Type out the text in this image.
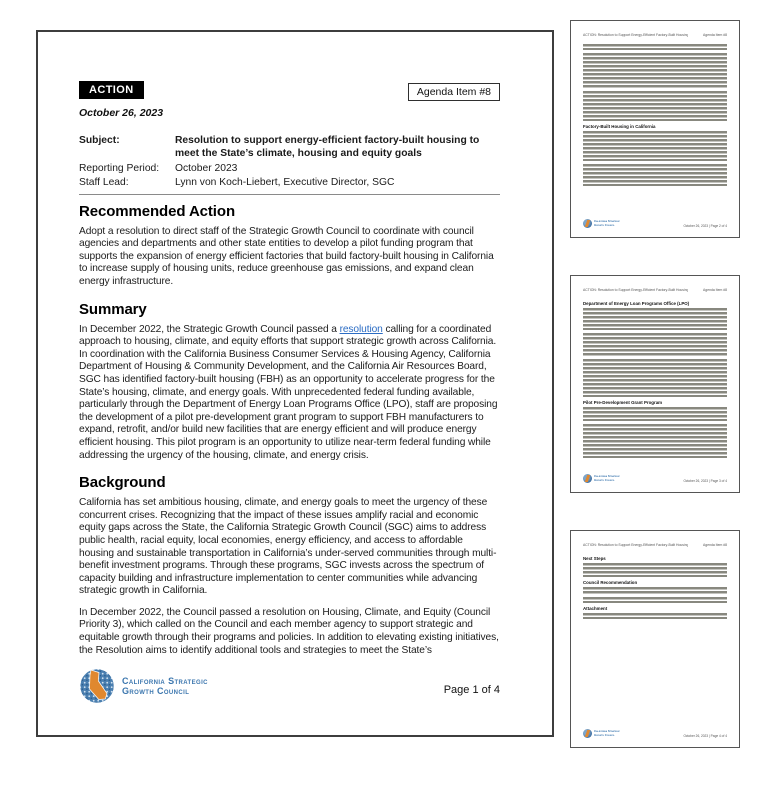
ACTION	Agenda Item #8
October 26, 2023
Subject:	Resolution to support energy-efficient factory-built housing to meet the State’s climate, housing and equity goals
Reporting Period:	October 2023
Staff Lead:	Lynn von Koch-Liebert, Executive Director, SGC
Recommended Action

Adopt a resolution to direct staff of the Strategic Growth Council to coordinate with council agencies and departments and other state entities to develop a pilot funding program that supports the expansion of energy efficient factories that build factory-built housing in California to increase supply of housing units, reduce greenhouse gas emissions, and expand clean energy infrastructure.

Summary

In December 2022, the Strategic Growth Council passed a resolution calling for a coordinated approach to housing, climate, and equity efforts that support strategic growth across California. In coordination with the California Business Consumer Services & Housing Agency, California Department of Housing & Community Development, and the California Air Resources Board, SGC has identified factory-built housing (FBH) as an opportunity to accelerate progress for the State’s housing, climate, and energy goals. With unprecedented federal funding available, particularly through the Department of Energy Loan Programs Office (LPO), staff are proposing the development of a pilot pre-development grant program to support FBH manufacturers to expand, retrofit, and/or build new facilities that are energy efficient and will produce energy efficient housing. This pilot program is an opportunity to utilize near-term federal funding while addressing the urgency of the housing, climate, and energy crisis.

Background

California has set ambitious housing, climate, and energy goals to meet the urgency of these concurrent crises. Recognizing that the impact of these issues amplify racial and economic equity gaps across the State, the California Strategic Growth Council (SGC) aims to address public health, racial equity, local economies, energy efficiency, and access to affordable housing and sustainable transportation in California’s under-served communities through multi-benefit investment programs. Through these programs, SGC invests across the spectrum of capacity building and infrastructure implementation to center communities while advancing strategic growth in California.

In December 2022, the Council passed a resolution on Housing, Climate, and Equity (Council Priority 3), which called on the Council and each member agency to support strategic and equitable growth through their programs and policies. In addition to elevating existing initiatives, the Resolution aims to identify additional tools and strategies to meet the State’s

California Strategic
Growth Council	Page 1 of 4
ACTION: Resolution to Support Energy-Efficient Factory-Built Housing	Agenda Item #8
Factory-Built Housing in California
California Strategic
Growth Council	October 26, 2023 | Page 2 of 4
ACTION: Resolution to Support Energy-Efficient Factory-Built Housing	Agenda Item #8
Department of Energy Loan Programs Office (LPO)
Pilot Pre-Development Grant Program
California Strategic
Growth Council	October 26, 2023 | Page 3 of 4
ACTION: Resolution to Support Energy-Efficient Factory-Built Housing	Agenda Item #8
Next Steps
Council Recommendation
Attachment
California Strategic
Growth Council	October 26, 2023 | Page 4 of 4
